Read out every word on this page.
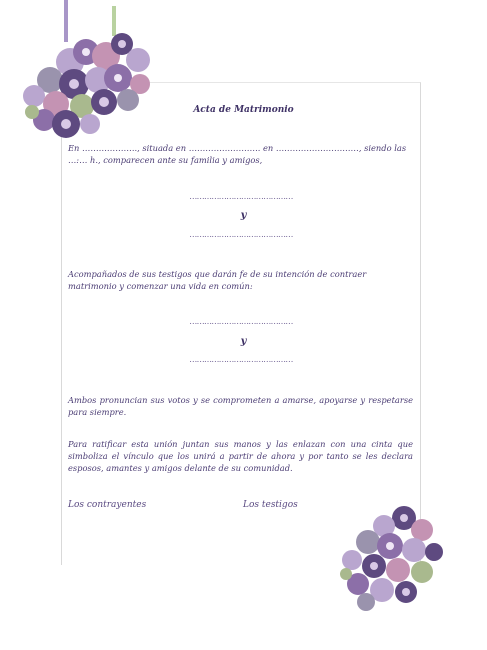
Acta de Matrimonio
En ……………….., situada en …………………….. en …………………………, siendo las …:… h., comparecen ante su familia y amigos,
……………………………………
y
……………………………………
Acompañados de sus testigos que darán fe de su intención de contraer matrimonio y comenzar una vida en común:
……………………………………
y
……………………………………
Ambos pronuncian sus votos y se comprometen a amarse, apoyarse y respetarse para siempre.
Para ratificar esta unión juntan sus manos y las enlazan con una cinta que simboliza el vínculo que los unirá a partir de ahora y por tanto se les declara esposos, amantes y amigos delante de su comunidad.
Los contrayentes	Los testigos
